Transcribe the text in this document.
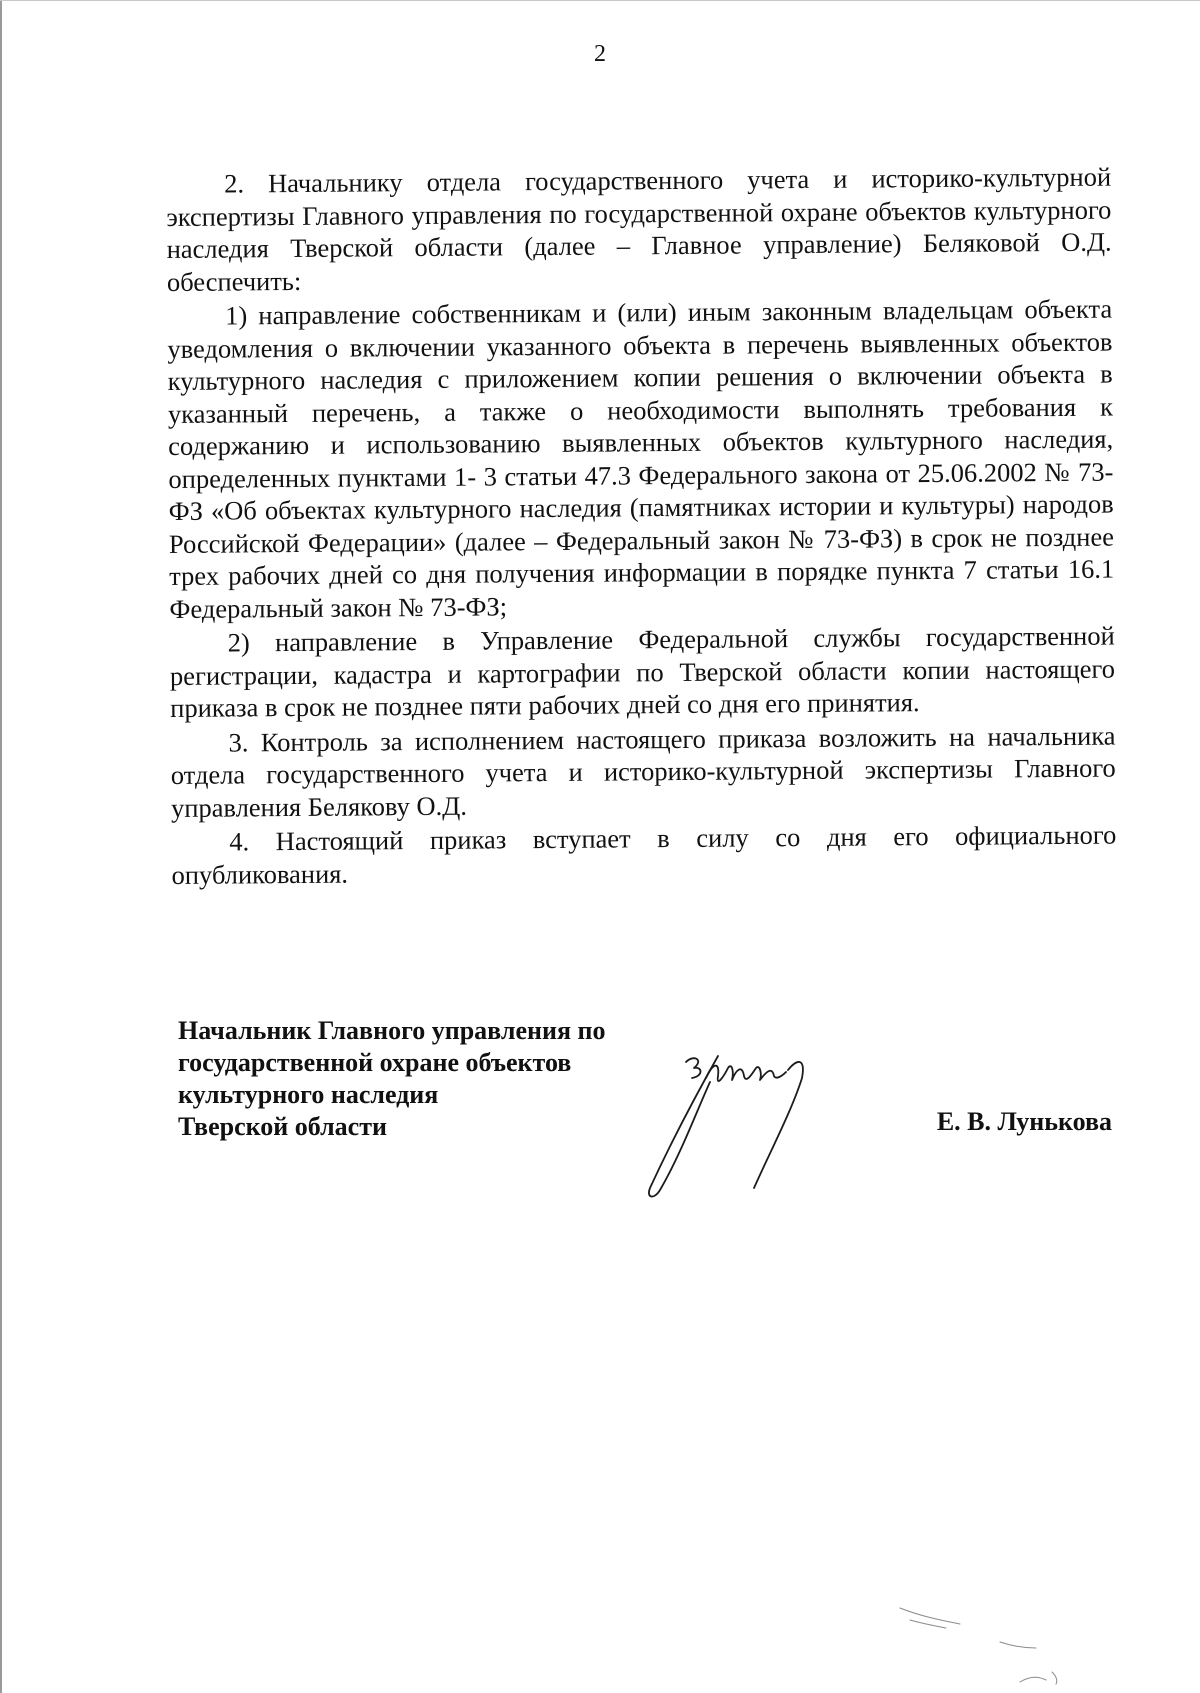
2

2. Начальнику отдела государственного учета и историко-культурной экспертизы Главного управления по государственной охране объектов культурного наследия Тверской области (далее – Главное управление) Беляковой О.Д. обеспечить:

1) направление собственникам и (или) иным законным владельцам объекта уведомления о включении указанного объекта в перечень выявленных объектов культурного наследия с приложением копии решения о включении объекта в указанный перечень, а также о необходимости выполнять требования к содержанию и использованию выявленных объектов культурного наследия, определенных пунктами 1- 3 статьи 47.3 Федерального закона от 25.06.2002 № 73-ФЗ «Об объектах культурного наследия (памятниках истории и культуры) народов Российской Федерации» (далее – Федеральный закон № 73-ФЗ) в срок не позднее трех рабочих дней со дня получения информации в порядке пункта 7 статьи 16.1 Федеральный закон № 73-ФЗ;

2) направление в Управление Федеральной службы государственной регистрации, кадастра и картографии по Тверской области копии настоящего приказа в срок не позднее пяти рабочих дней со дня его принятия.

3. Контроль за исполнением настоящего приказа возложить на начальника отдела государственного учета и историко-культурной экспертизы Главного управления Белякову О.Д.

4. Настоящий приказ вступает в силу со дня его официального опубликования.

Начальник Главного управления по
государственной охране объектов
культурного наследия
Тверской области	Е. В. Лунькова
